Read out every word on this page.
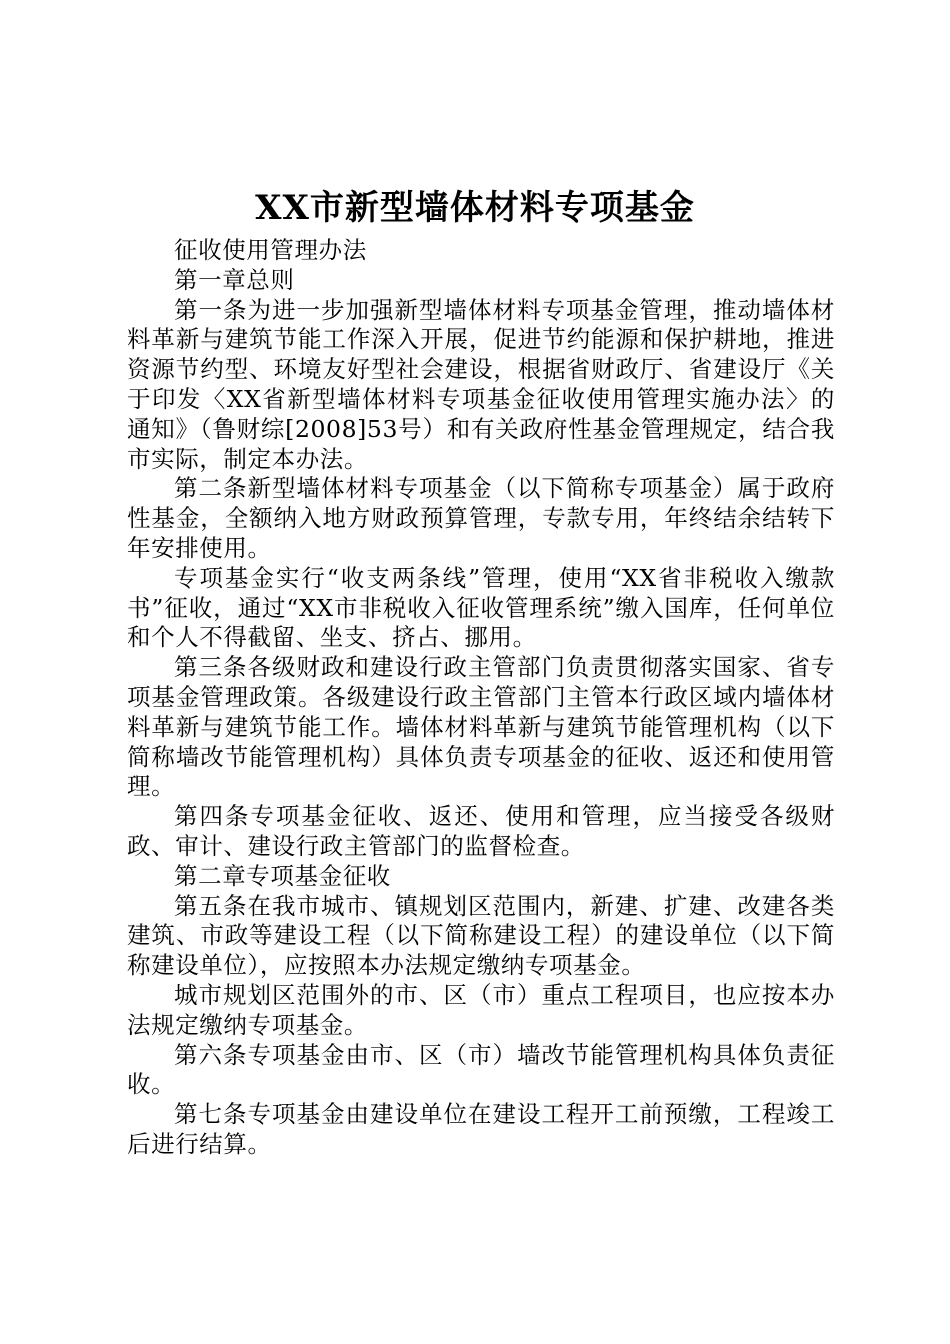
XX市新型墙体材料专项基金

征收使用管理办法

第一章总则

第一条为进一步加强新型墙体材料专项基金管理，推动墙体材料革新与建筑节能工作深入开展，促进节约能源和保护耕地，推进资源节约型、环境友好型社会建设，根据省财政厅、省建设厅《关于印发〈XX省新型墙体材料专项基金征收使用管理实施办法〉的通知》（鲁财综[2008]53号）和有关政府性基金管理规定，结合我市实际，制定本办法。

第二条新型墙体材料专项基金（以下简称专项基金）属于政府性基金，全额纳入地方财政预算管理，专款专用，年终结余结转下年安排使用。

专项基金实行“收支两条线”管理，使用“XX省非税收入缴款书”征收，通过“XX市非税收入征收管理系统”缴入国库，任何单位和个人不得截留、坐支、挤占、挪用。

第三条各级财政和建设行政主管部门负责贯彻落实国家、省专项基金管理政策。各级建设行政主管部门主管本行政区域内墙体材料革新与建筑节能工作。墙体材料革新与建筑节能管理机构（以下简称墙改节能管理机构）具体负责专项基金的征收、返还和使用管理。

第四条专项基金征收、返还、使用和管理，应当接受各级财政、审计、建设行政主管部门的监督检查。

第二章专项基金征收

第五条在我市城市、镇规划区范围内，新建、扩建、改建各类建筑、市政等建设工程（以下简称建设工程）的建设单位（以下简称建设单位），应按照本办法规定缴纳专项基金。

城市规划区范围外的市、区（市）重点工程项目，也应按本办法规定缴纳专项基金。

第六条专项基金由市、区（市）墙改节能管理机构具体负责征收。

第七条专项基金由建设单位在建设工程开工前预缴，工程竣工后进行结算。
